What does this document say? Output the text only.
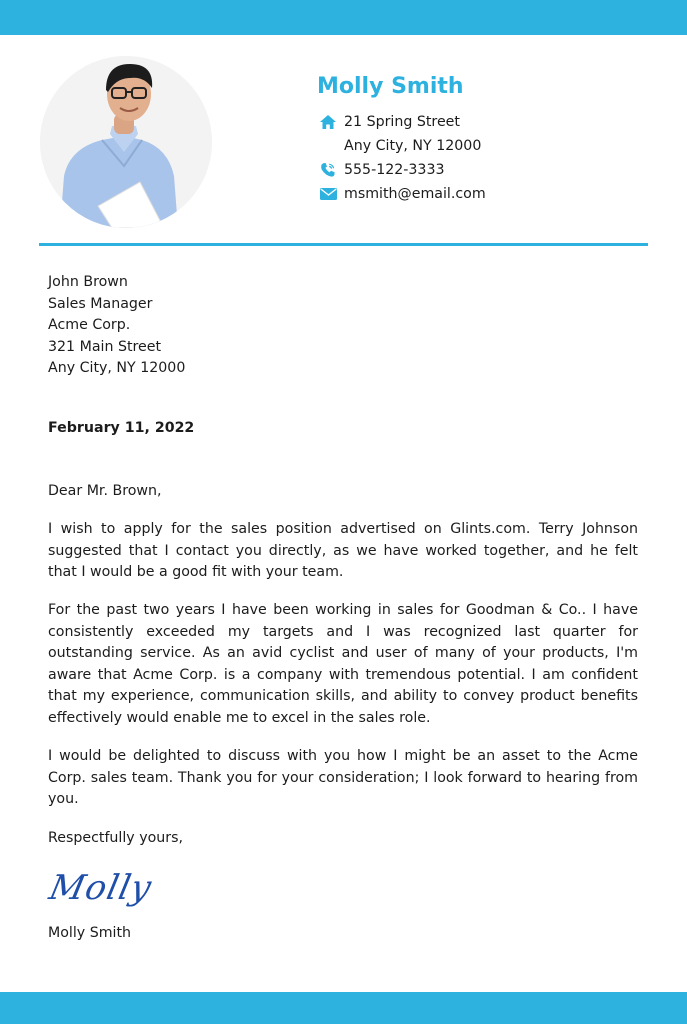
Molly Smith
21 Spring Street
Any City, NY 12000
555-122-3333
msmith@email.com
John Brown
Sales Manager
Acme Corp.
321 Main Street
Any City, NY 12000
February 11, 2022
Dear Mr. Brown,
I wish to apply for the sales position advertised on Glints.com. Terry Johnson suggested that I contact you directly, as we have worked together, and he felt that I would be a good fit with your team.
For the past two years I have been working in sales for Goodman & Co.. I have consistently exceeded my targets and I was recognized last quarter for outstanding service. As an avid cyclist and user of many of your products, I'm aware that Acme Corp. is a company with tremendous potential. I am confident that my experience, communication skills, and ability to convey product benefits effectively would enable me to excel in the sales role.
I would be delighted to discuss with you how I might be an asset to the Acme Corp. sales team. Thank you for your consideration; I look forward to hearing from you.
Respectfully yours,
Molly
Molly Smith
